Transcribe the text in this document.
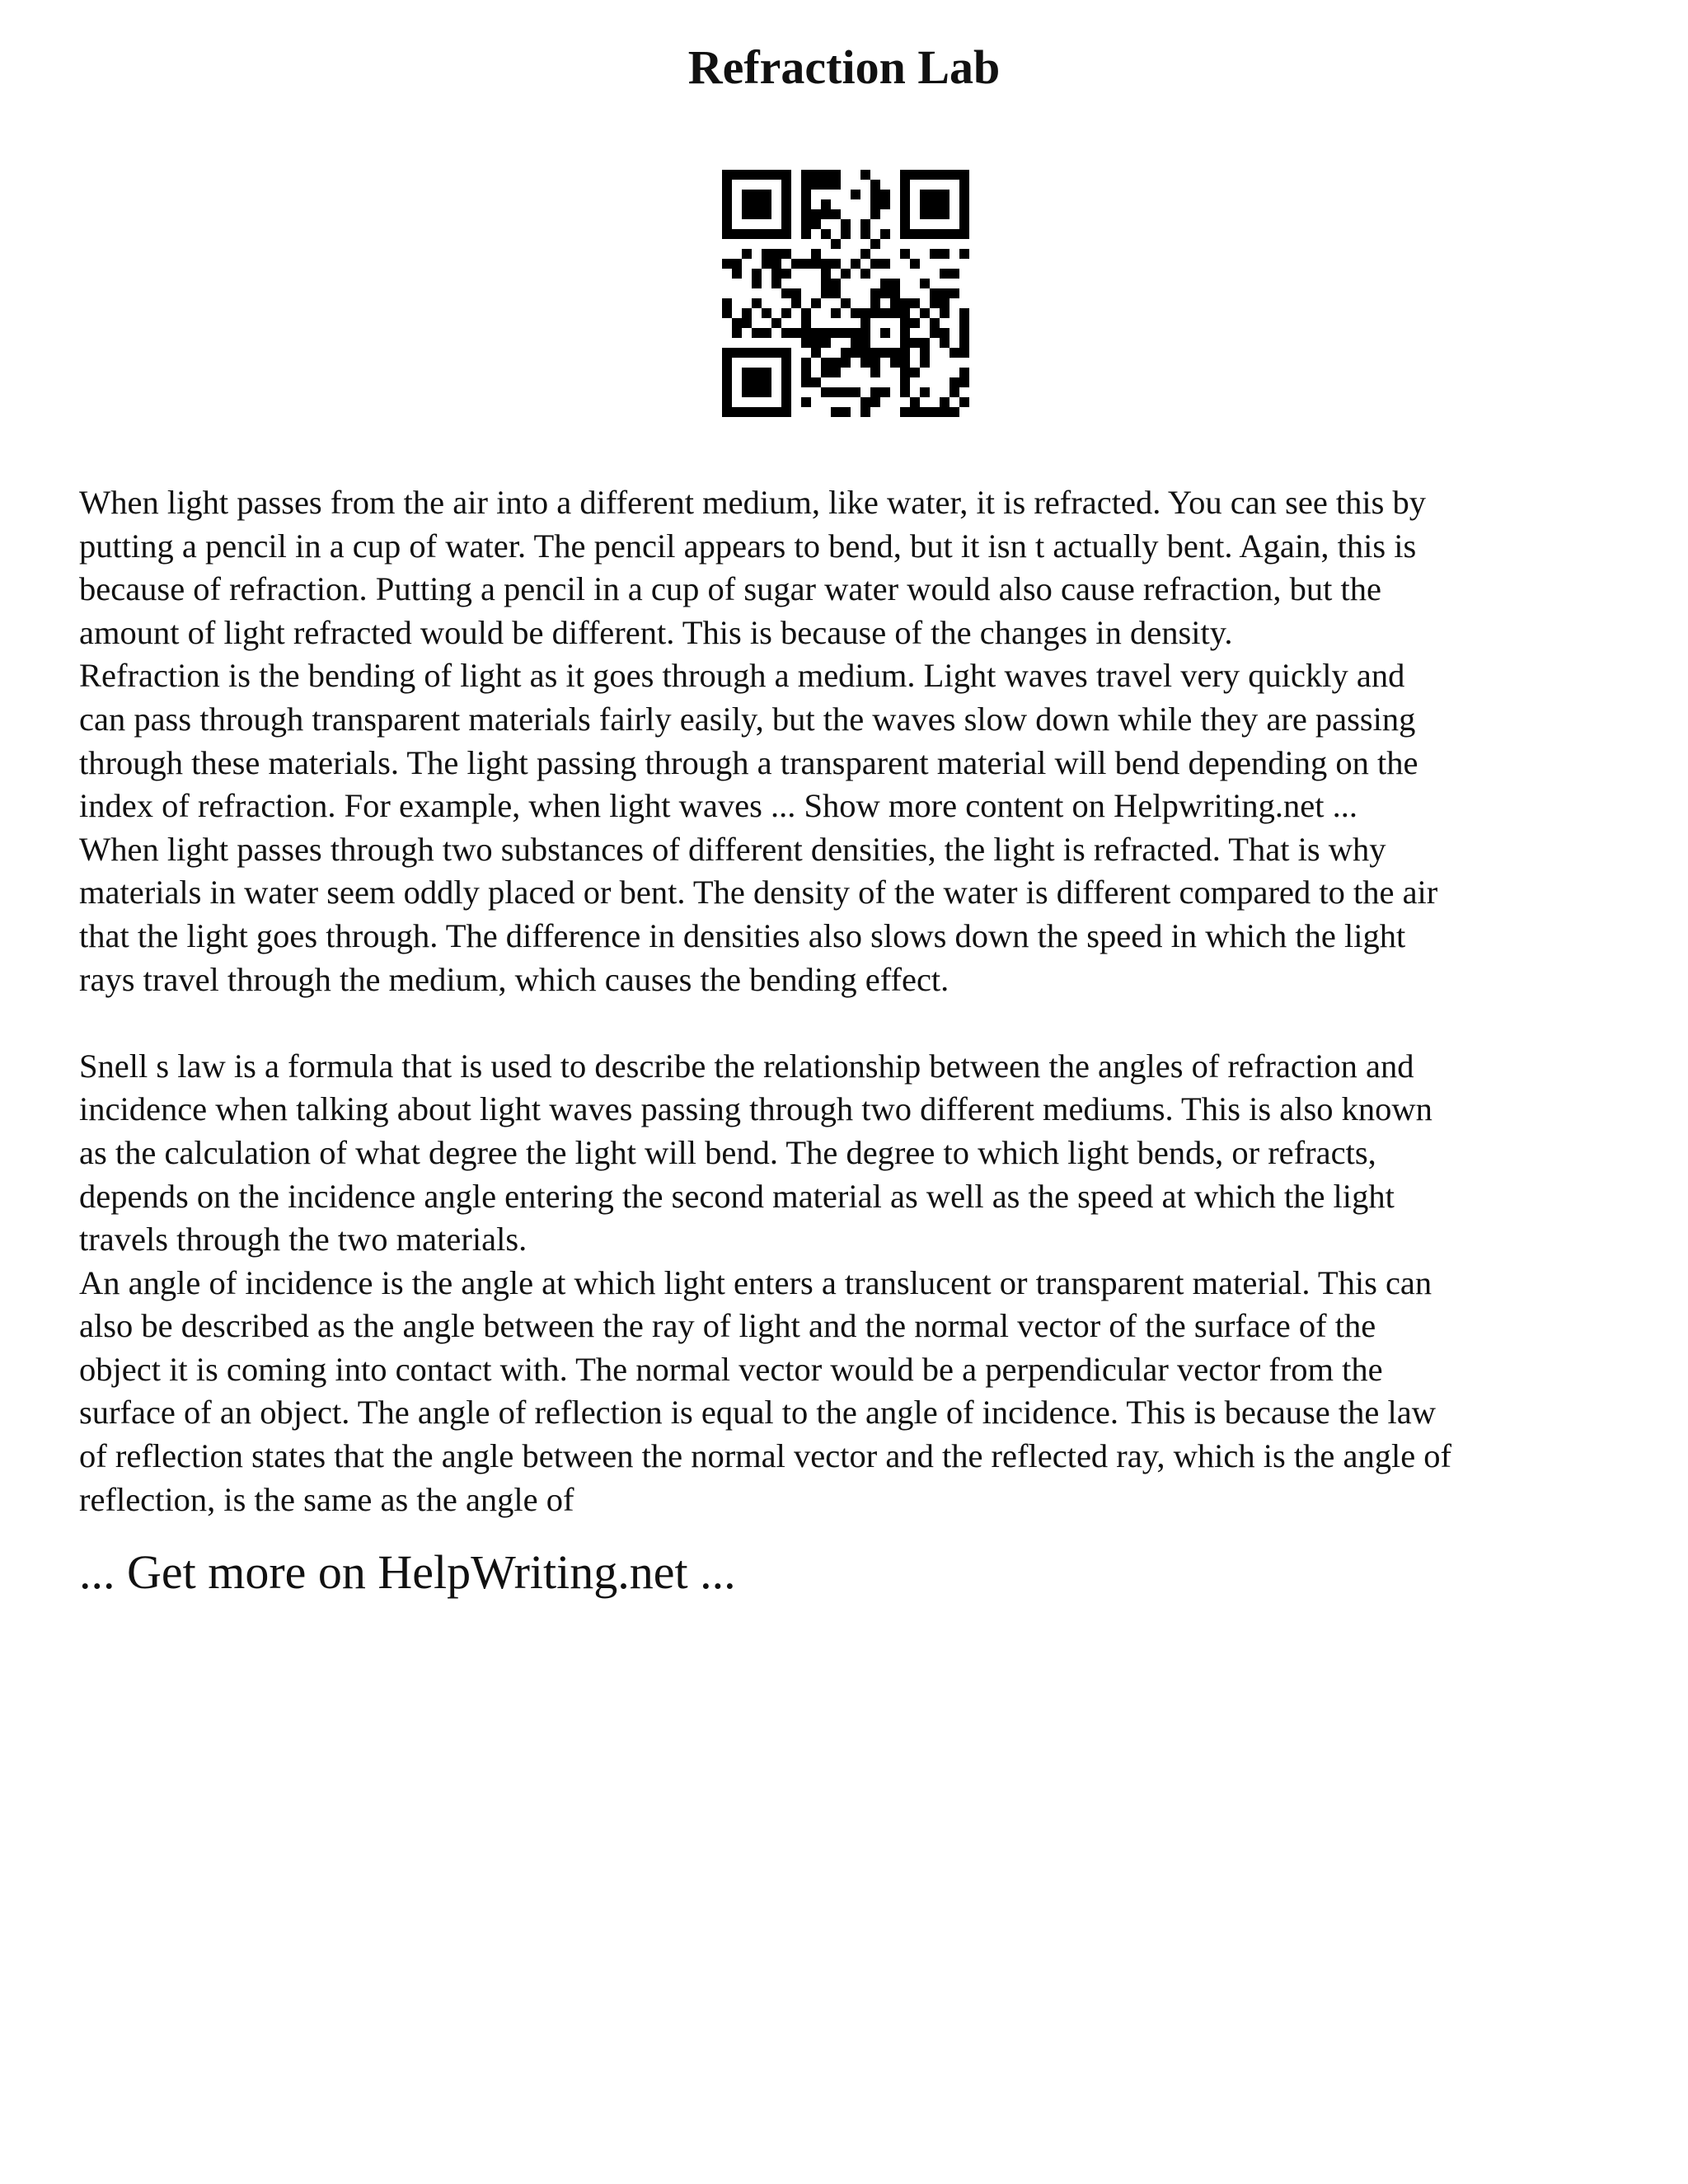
Refraction Lab

When light passes from the air into a different medium, like water, it is refracted. You can see this by
putting a pencil in a cup of water. The pencil appears to bend, but it isn t actually bent. Again, this is
because of refraction. Putting a pencil in a cup of sugar water would also cause refraction, but the
amount of light refracted would be different. This is because of the changes in density.

Refraction is the bending of light as it goes through a medium. Light waves travel very quickly and
can pass through transparent materials fairly easily, but the waves slow down while they are passing
through these materials. The light passing through a transparent material will bend depending on the
index of refraction. For example, when light waves ... Show more content on Helpwriting.net ...

When light passes through two substances of different densities, the light is refracted. That is why
materials in water seem oddly placed or bent. The density of the water is different compared to the air
that the light goes through. The difference in densities also slows down the speed in which the light
rays travel through the medium, which causes the bending effect.

Snell s law is a formula that is used to describe the relationship between the angles of refraction and
incidence when talking about light waves passing through two different mediums. This is also known
as the calculation of what degree the light will bend. The degree to which light bends, or refracts,
depends on the incidence angle entering the second material as well as the speed at which the light
travels through the two materials.

An angle of incidence is the angle at which light enters a translucent or transparent material. This can
also be described as the angle between the ray of light and the normal vector of the surface of the
object it is coming into contact with. The normal vector would be a perpendicular vector from the
surface of an object. The angle of reflection is equal to the angle of incidence. This is because the law
of reflection states that the angle between the normal vector and the reflected ray, which is the angle of
reflection, is the same as the angle of

... Get more on HelpWriting.net ...
